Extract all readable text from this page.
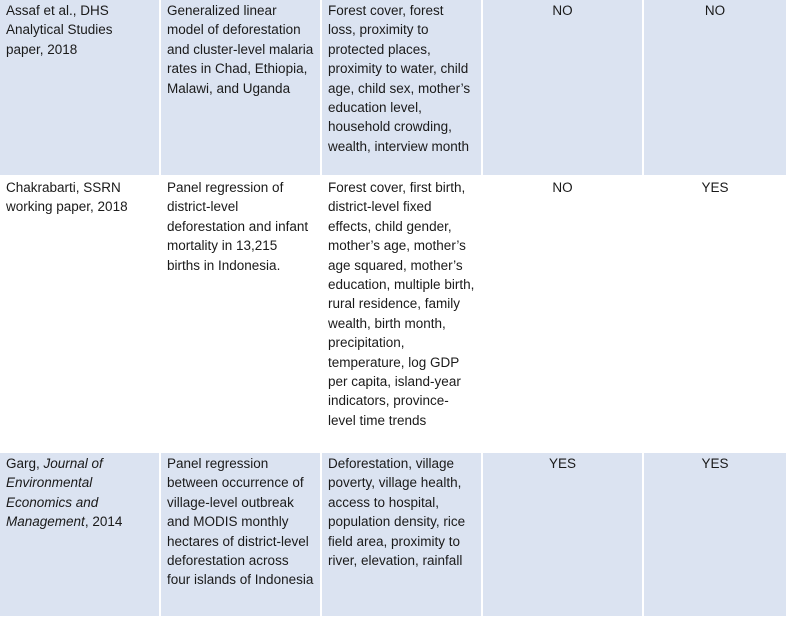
Assaf et al., DHS
Analytical Studies
paper, 2018	Generalized linear model of deforestation and cluster-level malaria rates in Chad, Ethiopia, Malawi, and Uganda	Forest cover, forest loss, proximity to protected places, proximity to water, child age, child sex, mother’s education level, household crowding, wealth, interview month	NO	NO

Chakrabarti, SSRN
working paper, 2018	Panel regression of district-level deforestation and infant mortality in 13,215 births in Indonesia.	Forest cover, first birth, district-level fixed effects, child gender, mother’s age, mother’s age squared, mother’s education, multiple birth, rural residence, family wealth, birth month, precipitation, temperature, log GDP per capita, island-year indicators, province-level time trends	NO	YES
Garg, Journal of Environmental Economics and Management, 2014	Panel regression between occurrence of village-level outbreak and MODIS monthly hectares of district-level deforestation across four islands of Indonesia	Deforestation, village poverty, village health, access to hospital, population density, rice field area, proximity to river, elevation, rainfall	YES	YES
